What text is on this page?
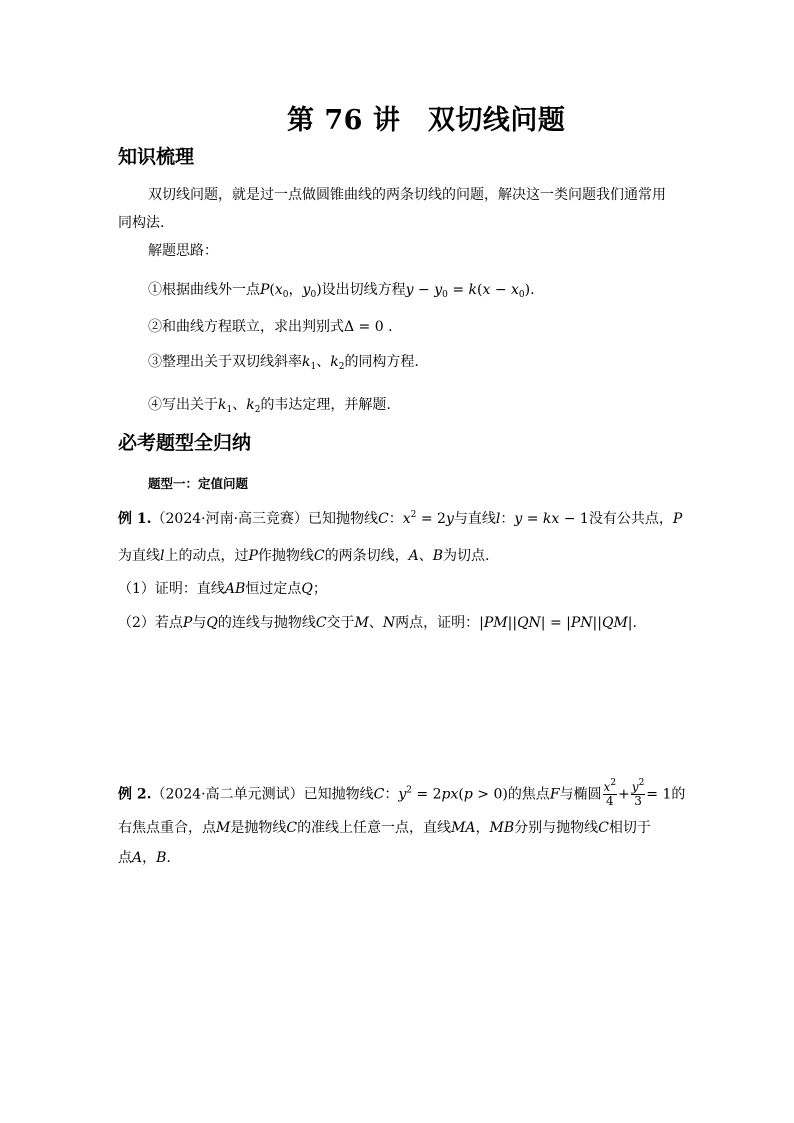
第 76 讲　双切线问题
知识梳理
双切线问题，就是过一点做圆锥曲线的两条切线的问题，解决这一类问题我们通常用
同构法.
解题思路：
①根据曲线外一点$P(x_0$，$y_0$)设出切线方程$y - y_0 = k(x - x_0)$.
②和曲线方程联立，求出判别式Δ = 0 .
③整理出关于双切线斜率$k_1$、$k_2$的同构方程.
④写出关于$k_1$、$k_2$的韦达定理，并解题.
必考题型全归纳
题型一：定值问题
例 1.（2024·河南·高三竞赛）已知抛物线C：$x^2 = 2y$与直线l：y = kx − 1没有公共点，P
为直线l上的动点，过P作抛物线C的两条切线，A、B为切点.
（1）证明：直线AB恒过定点Q；
（2）若点P与Q的连线与抛物线C交于M、N两点，证明：|PM||QN| = |PN||QM|.
例 2.（2024·高二单元测试）已知抛物线C：$y^2 = 2px(p > 0)$的焦点F与椭圆 $\frac{x^2}{4} + \frac{y^2}{3} = 1$的
右焦点重合，点M是抛物线C的准线上任意一点，直线MA，MB分别与抛物线C相切于
点A，B.
